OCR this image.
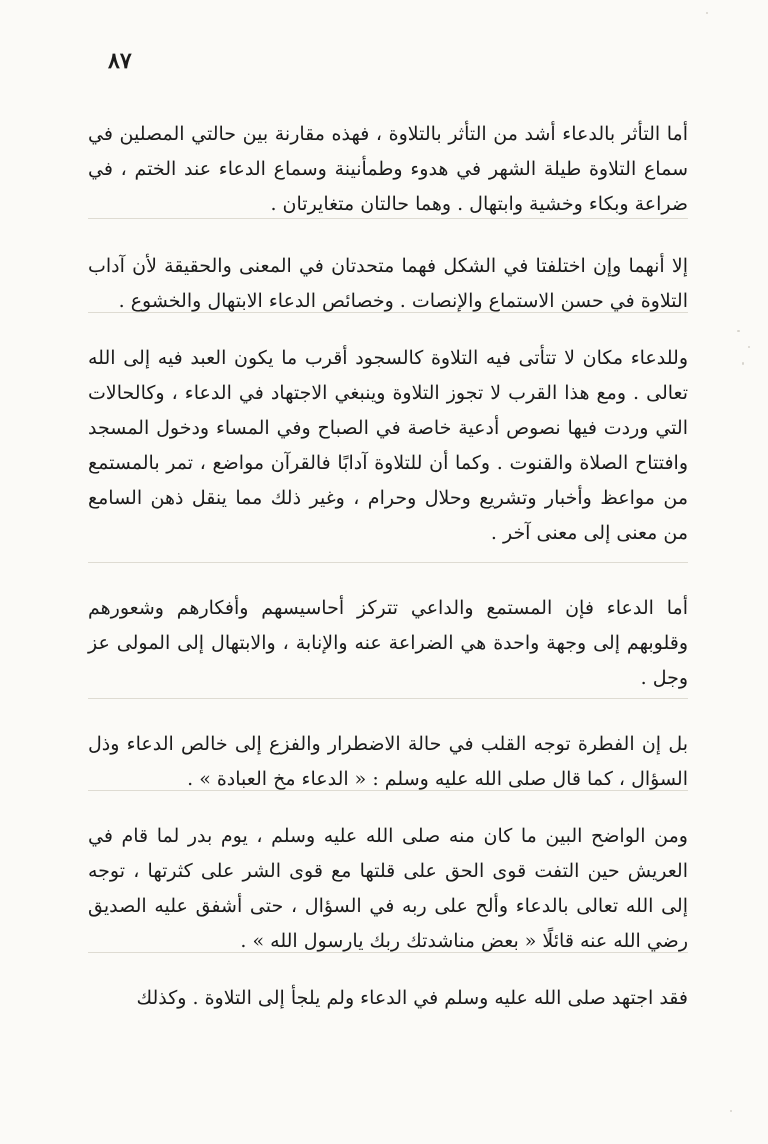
٨٧

أما التأثر بالدعاء أشد من التأثر بالتلاوة ، فهذه مقارنة بين حالتي المصلين في سماع التلاوة طيلة الشهر في هدوء وطمأنينة وسماع الدعاء عند الختم ، في ضراعة وبكاء وخشية وابتهال . وهما حالتان متغايرتان .

إلا أنهما وإن اختلفتا في الشكل فهما متحدتان في المعنى والحقيقة لأن آداب التلاوة في حسن الاستماع والإنصات . وخصائص الدعاء الابتهال والخشوع .

وللدعاء مكان لا تتأتى فيه التلاوة كالسجود أقرب ما يكون العبد فيه إلى الله تعالى . ومع هذا القرب لا تجوز التلاوة وينبغي الاجتهاد في الدعاء ، وكالحالات التي وردت فيها نصوص أدعية خاصة في الصباح وفي المساء ودخول المسجد وافتتاح الصلاة والقنوت . وكما أن للتلاوة آدابًا فالقرآن مواضع ، تمر بالمستمع من مواعظ وأخبار وتشريع وحلال وحرام ، وغير ذلك مما ينقل ذهن السامع من معنى إلى معنى آخر .

أما الدعاء فإن المستمع والداعي تتركز أحاسيسهم وأفكارهم وشعورهم وقلوبهم إلى وجهة واحدة هي الضراعة عنه والإنابة ، والابتهال إلى المولى عز وجل .

بل إن الفطرة توجه القلب في حالة الاضطرار والفزع إلى خالص الدعاء وذل السؤال ، كما قال صلى الله عليه وسلم : « الدعاء مخ العبادة » .

ومن الواضح البين ما كان منه صلى الله عليه وسلم ، يوم بدر لما قام في العريش حين التفت قوى الحق على قلتها مع قوى الشر على كثرتها ، توجه إلى الله تعالى بالدعاء وألح على ربه في السؤال ، حتى أشفق عليه الصديق رضي الله عنه قائلًا « بعض مناشدتك ربك يارسول الله » .

فقد اجتهد صلى الله عليه وسلم في الدعاء ولم يلجأ إلى التلاوة . وكذلك
